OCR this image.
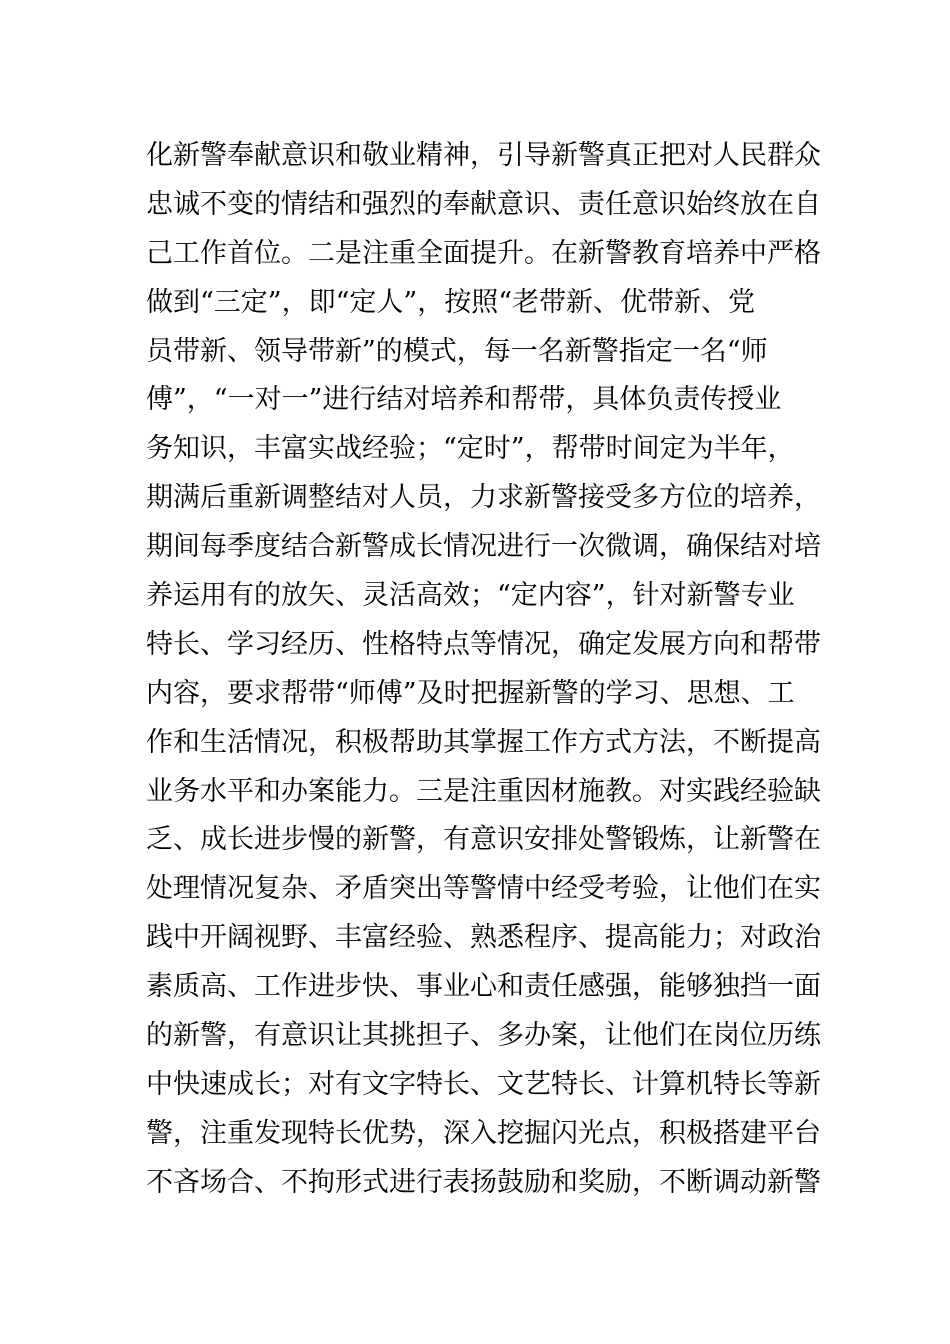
化新警奉献意识和敬业精神，引导新警真正把对人民群众
忠诚不变的情结和强烈的奉献意识、责任意识始终放在自
己工作首位。二是注重全面提升。在新警教育培养中严格
做到“三定”，即“定人”，按照“老带新、优带新、党
员带新、领导带新”的模式，每一名新警指定一名“师
傅”，“一对一”进行结对培养和帮带，具体负责传授业
务知识，丰富实战经验；“定时”，帮带时间定为半年，
期满后重新调整结对人员，力求新警接受多方位的培养，
期间每季度结合新警成长情况进行一次微调，确保结对培
养运用有的放矢、灵活高效；“定内容”，针对新警专业
特长、学习经历、性格特点等情况，确定发展方向和帮带
内容，要求帮带“师傅”及时把握新警的学习、思想、工
作和生活情况，积极帮助其掌握工作方式方法，不断提高
业务水平和办案能力。三是注重因材施教。对实践经验缺
乏、成长进步慢的新警，有意识安排处警锻炼，让新警在
处理情况复杂、矛盾突出等警情中经受考验，让他们在实
践中开阔视野、丰富经验、熟悉程序、提高能力；对政治
素质高、工作进步快、事业心和责任感强，能够独挡一面
的新警，有意识让其挑担子、多办案，让他们在岗位历练
中快速成长；对有文字特长、文艺特长、计算机特长等新
警，注重发现特长优势，深入挖掘闪光点，积极搭建平台
不吝场合、不拘形式进行表扬鼓励和奖励，不断调动新警
